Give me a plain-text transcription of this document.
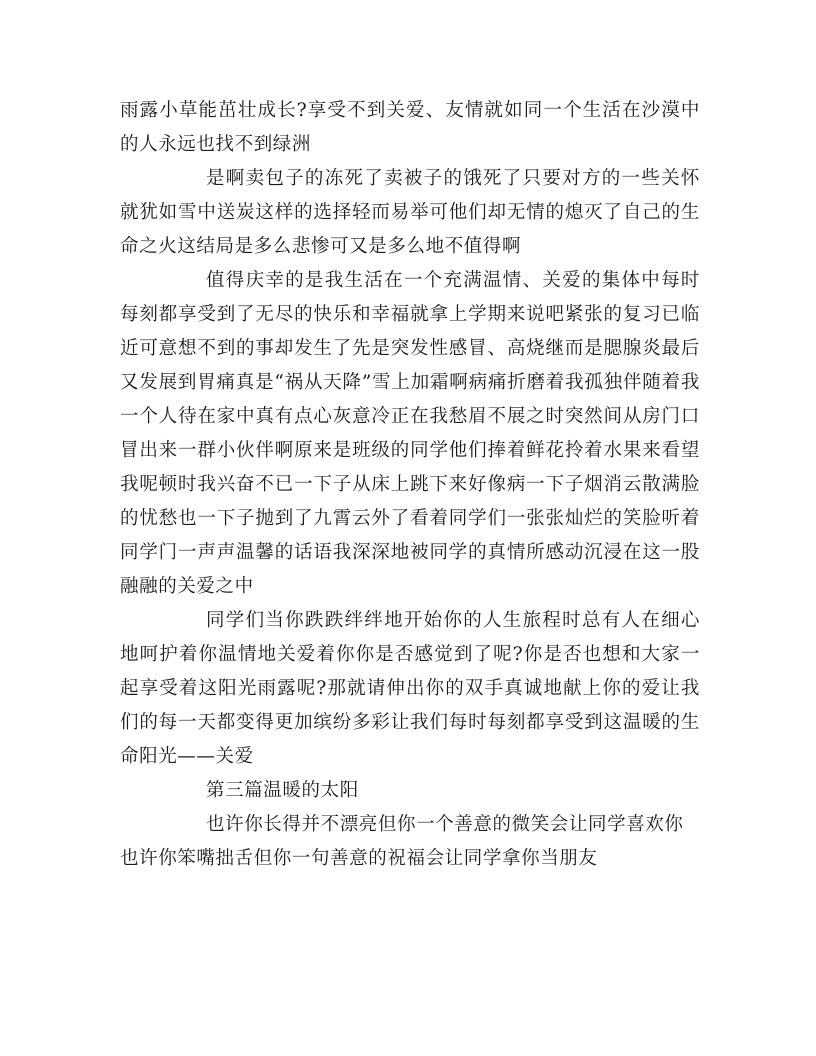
雨露小草能茁壮成长?享受不到关爱、友情就如同一个生活在沙漠中的人永远也找不到绿洲

是啊卖包子的冻死了卖被子的饿死了只要对方的一些关怀就犹如雪中送炭这样的选择轻而易举可他们却无情的熄灭了自己的生命之火这结局是多么悲惨可又是多么地不值得啊

值得庆幸的是我生活在一个充满温情、关爱的集体中每时每刻都享受到了无尽的快乐和幸福就拿上学期来说吧紧张的复习已临近可意想不到的事却发生了先是突发性感冒、高烧继而是腮腺炎最后又发展到胃痛真是“祸从天降”雪上加霜啊病痛折磨着我孤独伴随着我一个人待在家中真有点心灰意冷正在我愁眉不展之时突然间从房门口冒出来一群小伙伴啊原来是班级的同学他们捧着鲜花拎着水果来看望我呢顿时我兴奋不已一下子从床上跳下来好像病一下子烟消云散满脸的忧愁也一下子抛到了九霄云外了看着同学们一张张灿烂的笑脸听着同学门一声声温馨的话语我深深地被同学的真情所感动沉浸在这一股融融的关爱之中

同学们当你跌跌绊绊地开始你的人生旅程时总有人在细心地呵护着你温情地关爱着你你是否感觉到了呢?你是否也想和大家一起享受着这阳光雨露呢?那就请伸出你的双手真诚地献上你的爱让我们的每一天都变得更加缤纷多彩让我们每时每刻都享受到这温暖的生命阳光——关爱

第三篇温暖的太阳

也许你长得并不漂亮但你一个善意的微笑会让同学喜欢你

也许你笨嘴拙舌但你一句善意的祝福会让同学拿你当朋友
